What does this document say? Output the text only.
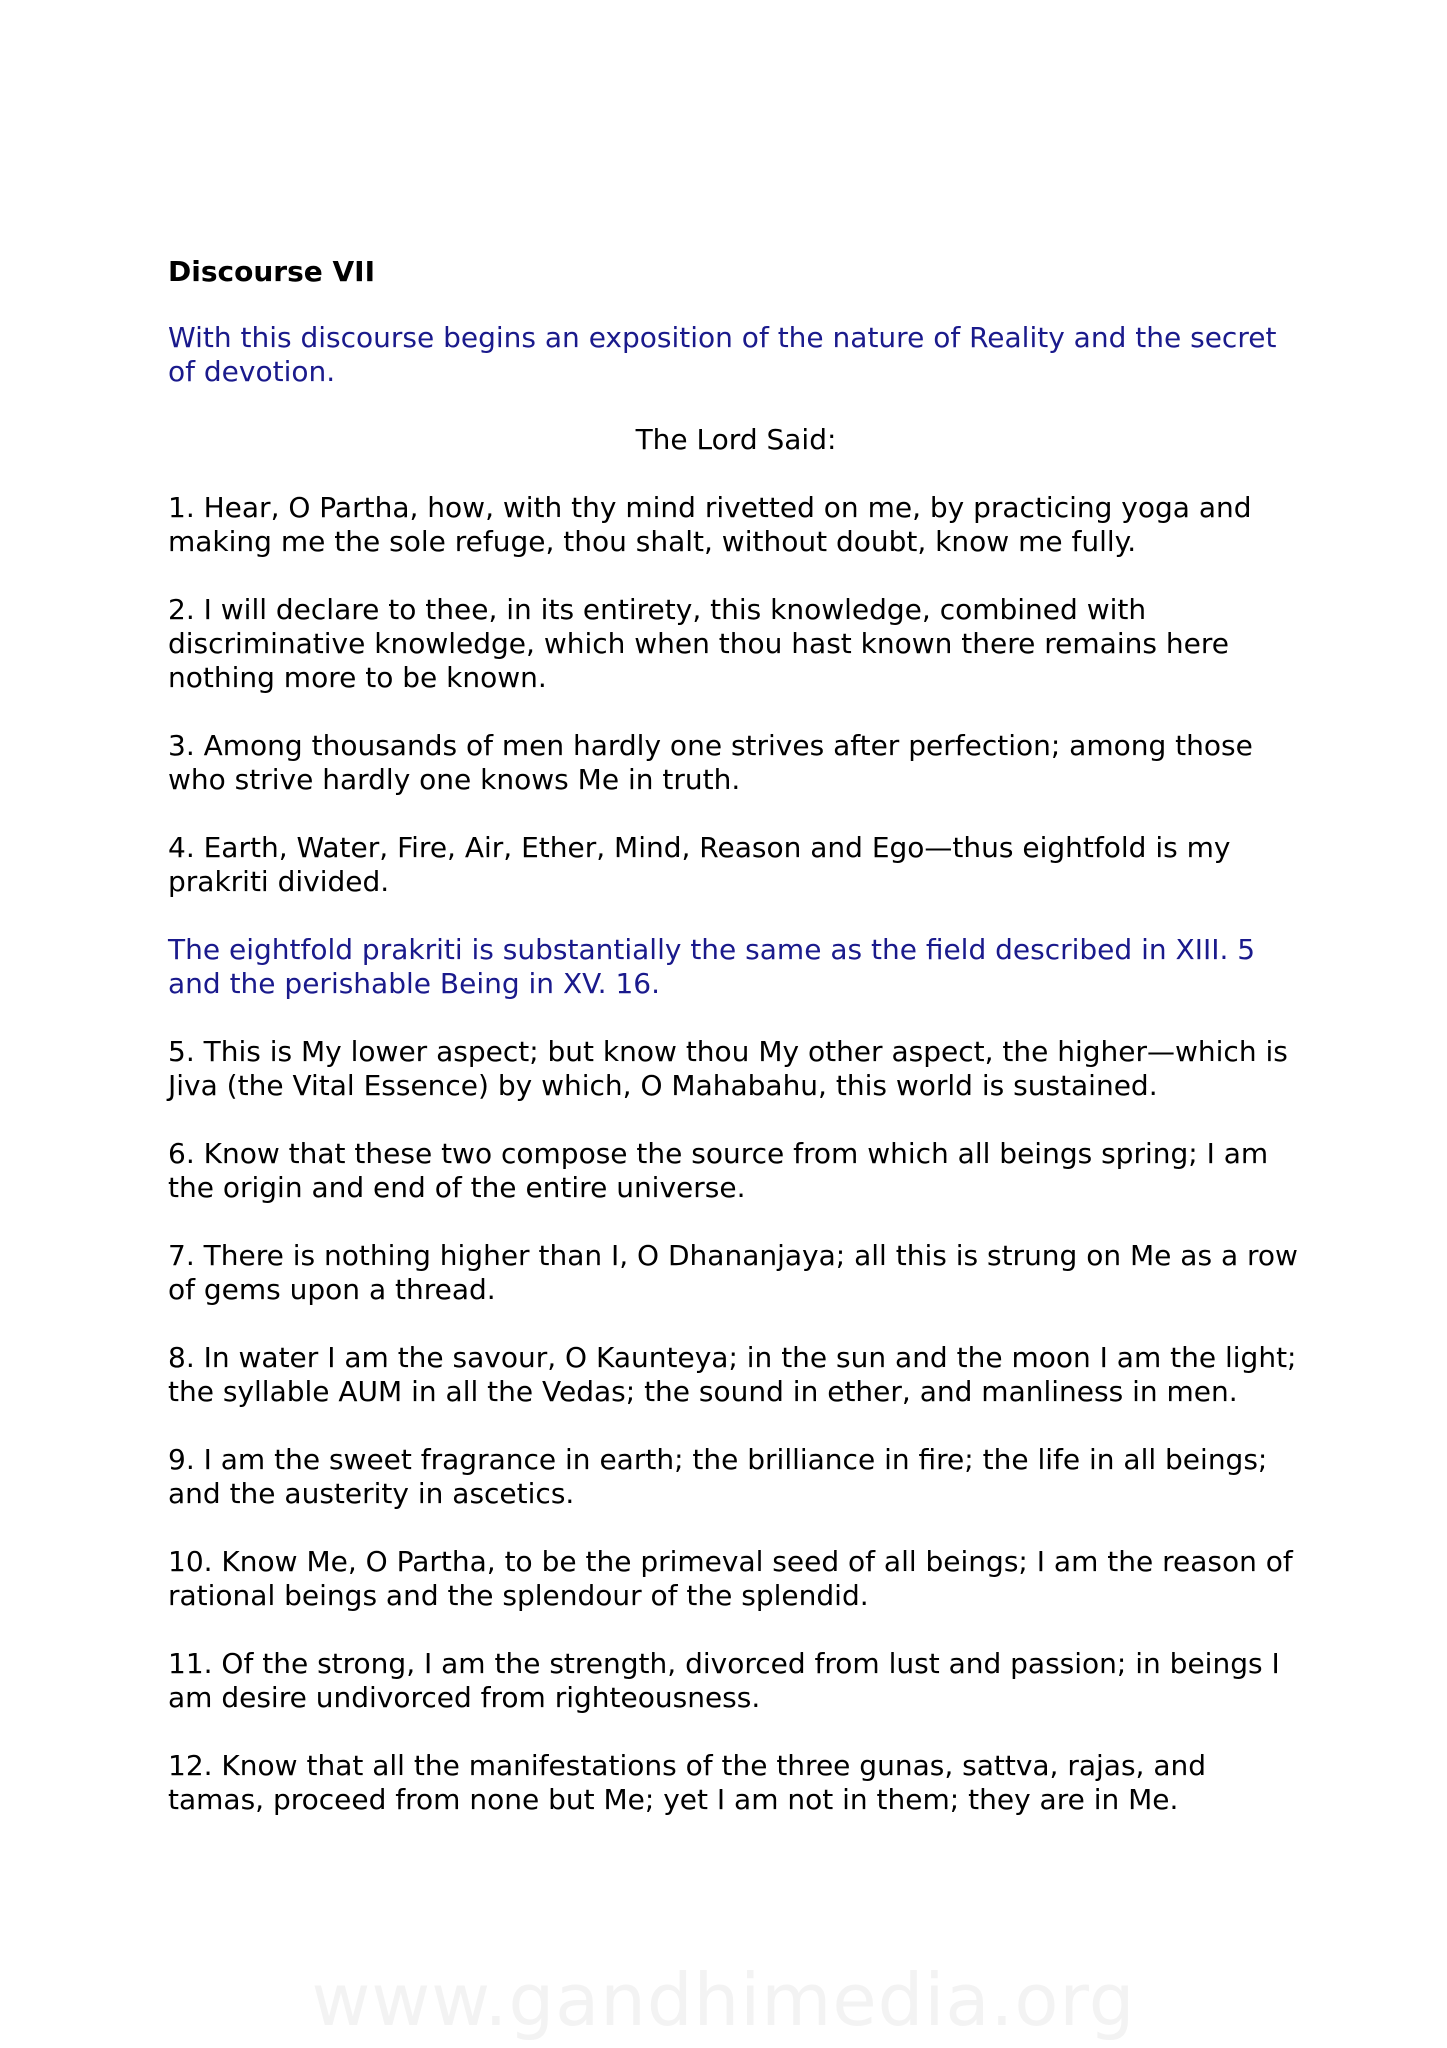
Discourse VII

With this discourse begins an exposition of the nature of Reality and the secret of devotion.

The Lord Said:

1. Hear, O Partha, how, with thy mind rivetted on me, by practicing yoga and making me the sole refuge, thou shalt, without doubt, know me fully.

2. I will declare to thee, in its entirety, this knowledge, combined with discriminative knowledge, which when thou hast known there remains here nothing more to be known.

3. Among thousands of men hardly one strives after perfection; among those who strive hardly one knows Me in truth.

4. Earth, Water, Fire, Air, Ether, Mind, Reason and Ego—thus eightfold is my prakriti divided.

The eightfold prakriti is substantially the same as the field described in XIII. 5 and the perishable Being in XV. 16.

5. This is My lower aspect; but know thou My other aspect, the higher—which is Jiva (the Vital Essence) by which, O Mahabahu, this world is sustained.

6. Know that these two compose the source from which all beings spring; I am the origin and end of the entire universe.

7. There is nothing higher than I, O Dhananjaya; all this is strung on Me as a row of gems upon a thread.

8. In water I am the savour, O Kaunteya; in the sun and the moon I am the light; the syllable AUM in all the Vedas; the sound in ether, and manliness in men.

9. I am the sweet fragrance in earth; the brilliance in fire; the life in all beings; and the austerity in ascetics.

10. Know Me, O Partha, to be the primeval seed of all beings; I am the reason of rational beings and the splendour of the splendid.

11. Of the strong, I am the strength, divorced from lust and passion; in beings I am desire undivorced from righteousness.

12. Know that all the manifestations of the three gunas, sattva, rajas, and tamas, proceed from none but Me; yet I am not in them; they are in Me.

www.gandhimedia.org
